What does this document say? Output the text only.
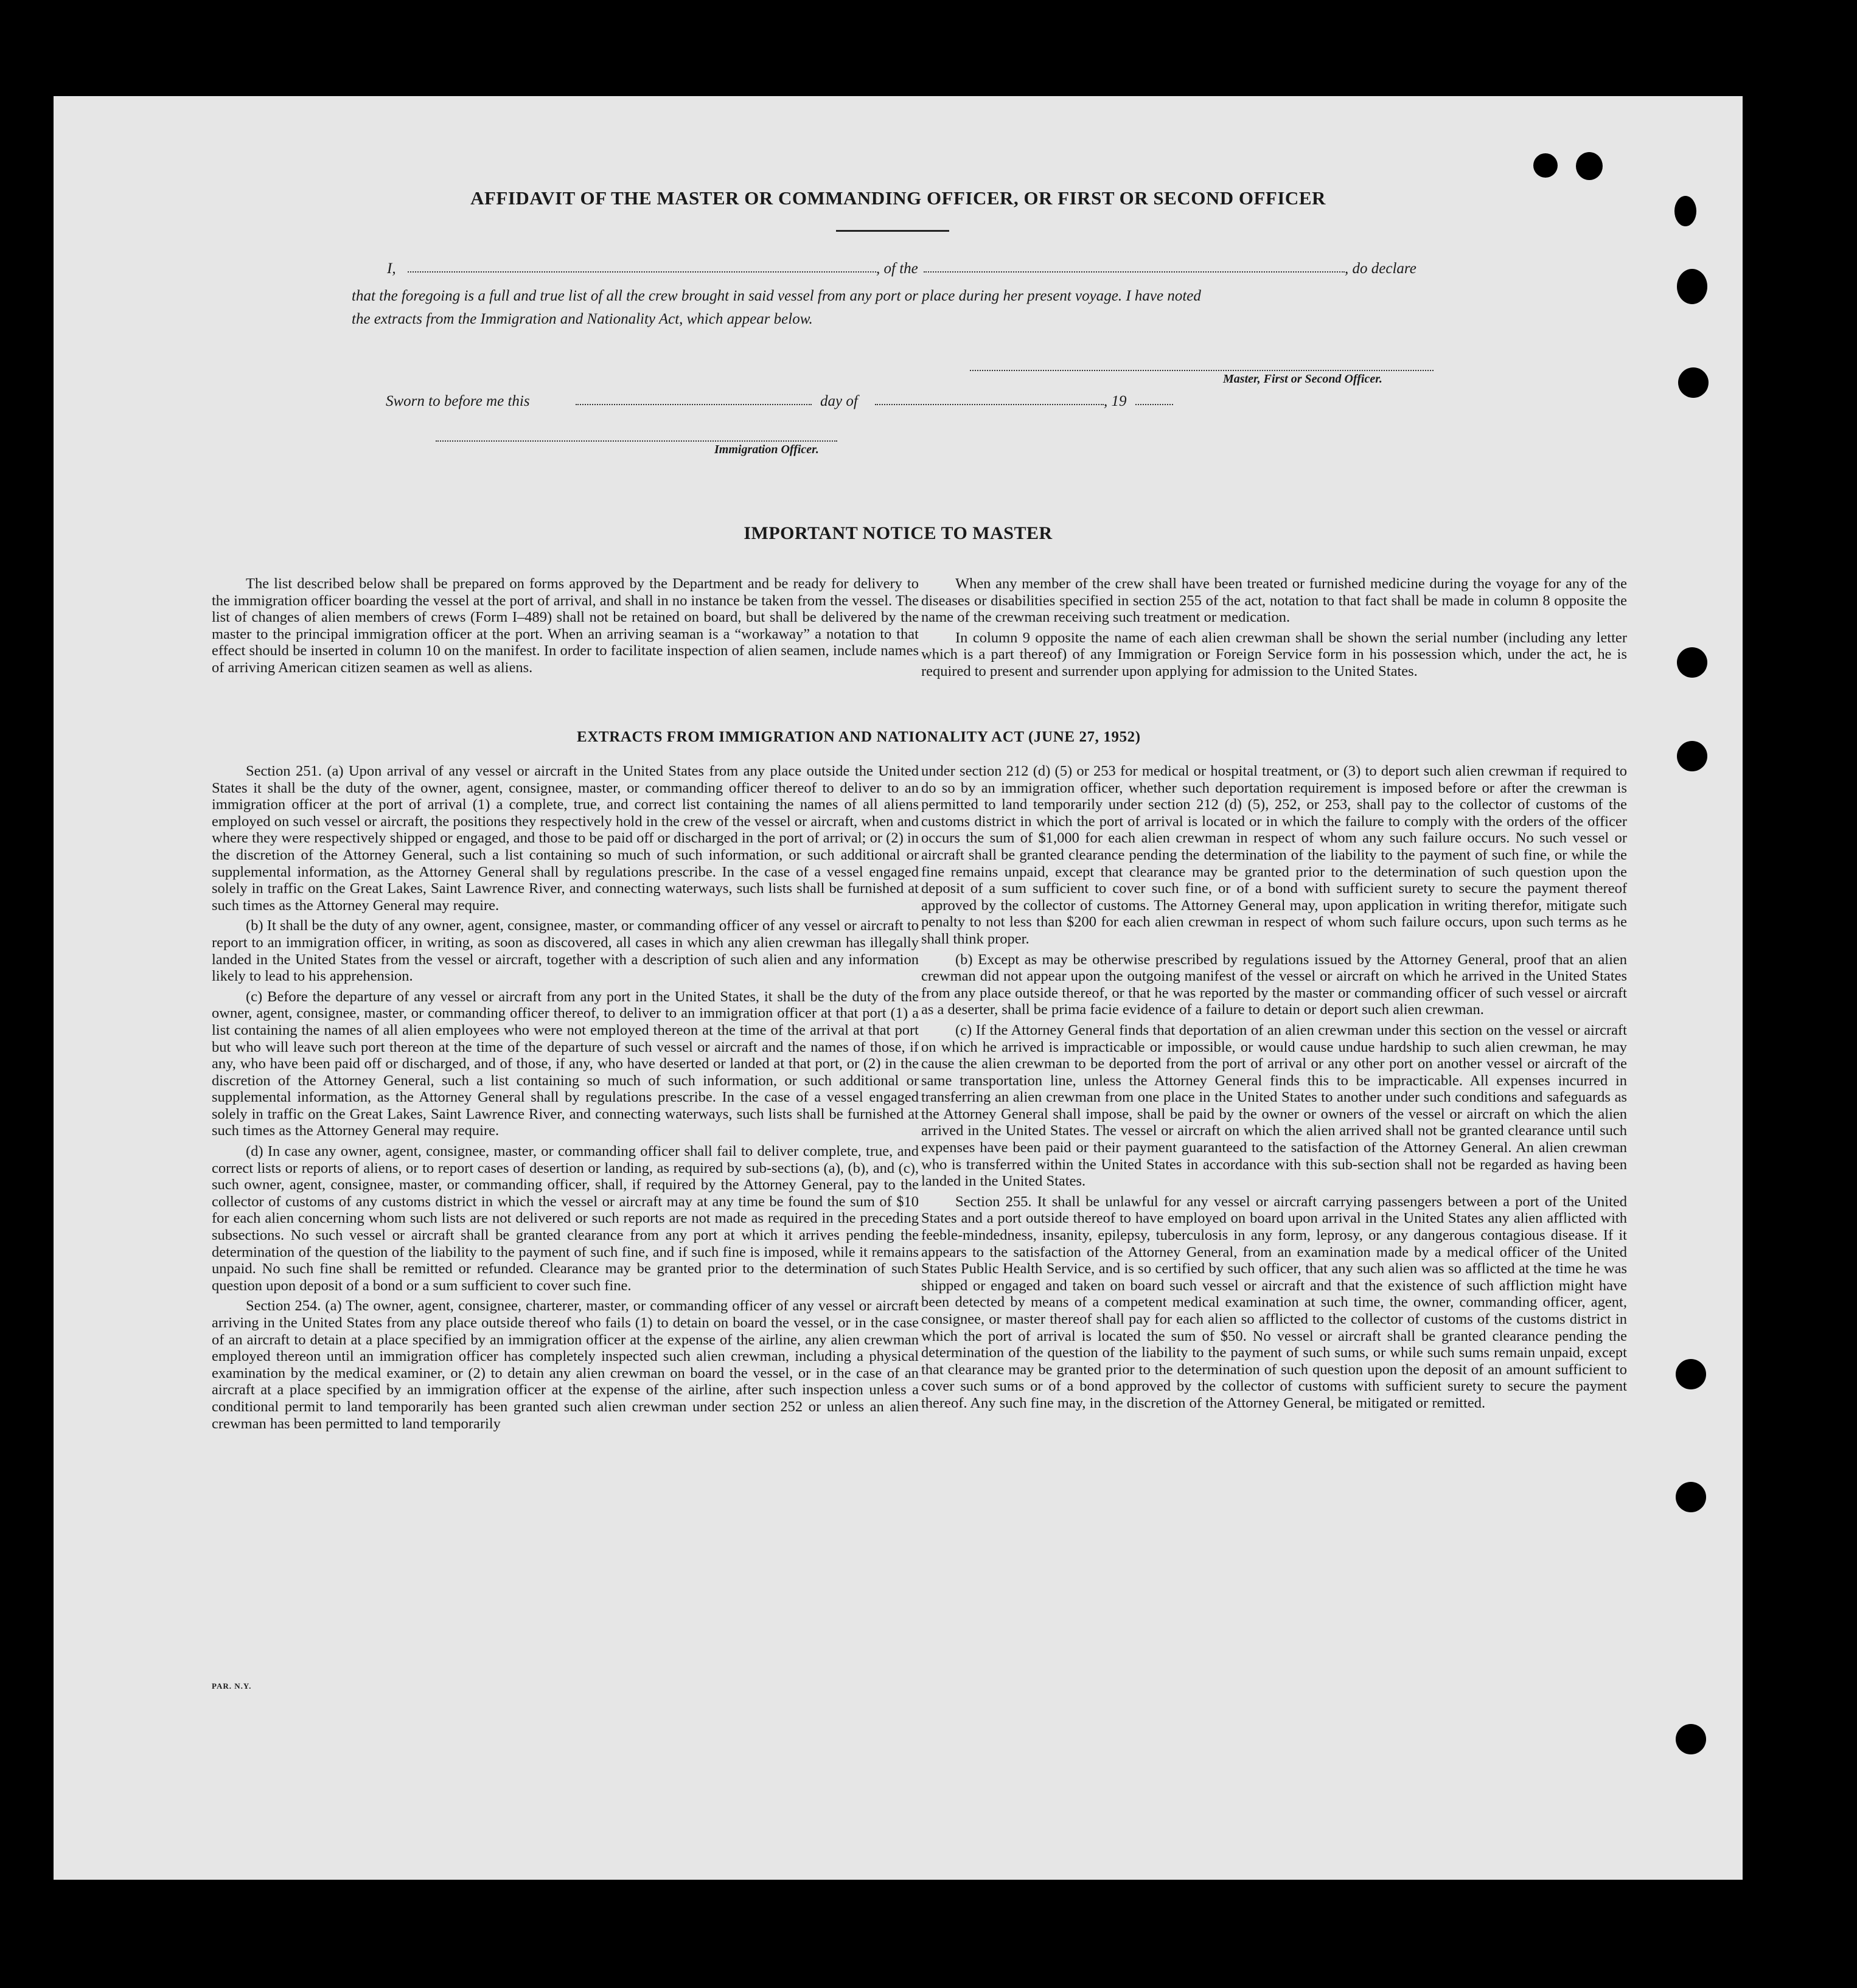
AFFIDAVIT OF THE MASTER OR COMMANDING OFFICER, OR FIRST OR SECOND OFFICER
I,	, of the	, do declare
that the foregoing is a full and true list of all the crew brought in said vessel from any port or place during her present voyage. I have noted
the extracts from the Immigration and Nationality Act, which appear below.
Master, First or Second Officer.
Sworn to before me this	day of	, 19
Immigration Officer.
IMPORTANT NOTICE TO MASTER

The list described below shall be prepared on forms approved by the Department and be ready for delivery to the immigration officer boarding the vessel at the port of arrival, and shall in no instance be taken from the vessel. The list of changes of alien members of crews (Form I–489) shall not be retained on board, but shall be delivered by the master to the principal immigration officer at the port. When an arriving seaman is a “workaway” a notation to that effect should be inserted in column 10 on the manifest. In order to facilitate inspection of alien seamen, include names of arriving American citizen seamen as well as aliens.

When any member of the crew shall have been treated or furnished medicine during the voyage for any of the diseases or disabilities specified in section 255 of the act, notation to that fact shall be made in column 8 opposite the name of the crewman receiving such treatment or medication.

In column 9 opposite the name of each alien crewman shall be shown the serial number (including any letter which is a part thereof) of any Immigration or Foreign Service form in his possession which, under the act, he is required to present and surrender upon applying for admission to the United States.

EXTRACTS FROM IMMIGRATION AND NATIONALITY ACT (JUNE 27, 1952)

Section 251. (a) Upon arrival of any vessel or aircraft in the United States from any place outside the United States it shall be the duty of the owner, agent, consignee, master, or commanding officer thereof to deliver to an immigration officer at the port of arrival (1) a complete, true, and correct list containing the names of all aliens employed on such vessel or aircraft, the positions they respectively hold in the crew of the vessel or aircraft, when and where they were respectively shipped or engaged, and those to be paid off or discharged in the port of arrival; or (2) in the discretion of the Attorney General, such a list containing so much of such information, or such additional or supplemental information, as the Attorney General shall by regulations prescribe. In the case of a vessel engaged solely in traffic on the Great Lakes, Saint Lawrence River, and connecting waterways, such lists shall be furnished at such times as the Attorney General may require.

(b) It shall be the duty of any owner, agent, consignee, master, or commanding officer of any vessel or aircraft to report to an immigration officer, in writing, as soon as discovered, all cases in which any alien crewman has illegally landed in the United States from the vessel or aircraft, together with a description of such alien and any information likely to lead to his apprehension.

(c) Before the departure of any vessel or aircraft from any port in the United States, it shall be the duty of the owner, agent, consignee, master, or commanding officer thereof, to deliver to an immigration officer at that port (1) a list containing the names of all alien employees who were not employed thereon at the time of the arrival at that port but who will leave such port thereon at the time of the departure of such vessel or aircraft and the names of those, if any, who have been paid off or discharged, and of those, if any, who have deserted or landed at that port, or (2) in the discretion of the Attorney General, such a list containing so much of such information, or such additional or supplemental information, as the Attorney General shall by regulations prescribe. In the case of a vessel engaged solely in traffic on the Great Lakes, Saint Lawrence River, and connecting waterways, such lists shall be furnished at such times as the Attorney General may require.

(d) In case any owner, agent, consignee, master, or commanding officer shall fail to deliver complete, true, and correct lists or reports of aliens, or to report cases of desertion or landing, as required by sub-sections (a), (b), and (c), such owner, agent, consignee, master, or commanding officer, shall, if required by the Attorney General, pay to the collector of customs of any customs district in which the vessel or aircraft may at any time be found the sum of $10 for each alien concerning whom such lists are not delivered or such reports are not made as required in the preceding subsections. No such vessel or aircraft shall be granted clearance from any port at which it arrives pending the determination of the question of the liability to the payment of such fine, and if such fine is imposed, while it remains unpaid. No such fine shall be remitted or refunded. Clearance may be granted prior to the determination of such question upon deposit of a bond or a sum sufficient to cover such fine.

Section 254. (a) The owner, agent, consignee, charterer, master, or commanding officer of any vessel or aircraft arriving in the United States from any place outside thereof who fails (1) to detain on board the vessel, or in the case of an aircraft to detain at a place specified by an immigration officer at the expense of the airline, any alien crewman employed thereon until an immigration officer has completely inspected such alien crewman, including a physical examination by the medical examiner, or (2) to detain any alien crewman on board the vessel, or in the case of an aircraft at a place specified by an immigration officer at the expense of the airline, after such inspection unless a conditional permit to land temporarily has been granted such alien crewman under section 252 or unless an alien crewman has been permitted to land temporarily

under section 212 (d) (5) or 253 for medical or hospital treatment, or (3) to deport such alien crewman if required to do so by an immigration officer, whether such deportation requirement is imposed before or after the crewman is permitted to land temporarily under section 212 (d) (5), 252, or 253, shall pay to the collector of customs of the customs district in which the port of arrival is located or in which the failure to comply with the orders of the officer occurs the sum of $1,000 for each alien crewman in respect of whom any such failure occurs. No such vessel or aircraft shall be granted clearance pending the determination of the liability to the payment of such fine, or while the fine remains unpaid, except that clearance may be granted prior to the determination of such question upon the deposit of a sum sufficient to cover such fine, or of a bond with sufficient surety to secure the payment thereof approved by the collector of customs. The Attorney General may, upon application in writing therefor, mitigate such penalty to not less than $200 for each alien crewman in respect of whom such failure occurs, upon such terms as he shall think proper.

(b) Except as may be otherwise prescribed by regulations issued by the Attorney General, proof that an alien crewman did not appear upon the outgoing manifest of the vessel or aircraft on which he arrived in the United States from any place outside thereof, or that he was reported by the master or commanding officer of such vessel or aircraft as a deserter, shall be prima facie evidence of a failure to detain or deport such alien crewman.

(c) If the Attorney General finds that deportation of an alien crewman under this section on the vessel or aircraft on which he arrived is impracticable or impossible, or would cause undue hardship to such alien crewman, he may cause the alien crewman to be deported from the port of arrival or any other port on another vessel or aircraft of the same transportation line, unless the Attorney General finds this to be impracticable. All expenses incurred in transferring an alien crewman from one place in the United States to another under such conditions and safeguards as the Attorney General shall impose, shall be paid by the owner or owners of the vessel or aircraft on which the alien arrived in the United States. The vessel or aircraft on which the alien arrived shall not be granted clearance until such expenses have been paid or their payment guaranteed to the satisfaction of the Attorney General. An alien crewman who is transferred within the United States in accordance with this sub-section shall not be regarded as having been landed in the United States.

Section 255. It shall be unlawful for any vessel or aircraft carrying passengers between a port of the United States and a port outside thereof to have employed on board upon arrival in the United States any alien afflicted with feeble-mindedness, insanity, epilepsy, tuberculosis in any form, leprosy, or any dangerous contagious disease. If it appears to the satisfaction of the Attorney General, from an examination made by a medical officer of the United States Public Health Service, and is so certified by such officer, that any such alien was so afflicted at the time he was shipped or engaged and taken on board such vessel or aircraft and that the existence of such affliction might have been detected by means of a competent medical examination at such time, the owner, commanding officer, agent, consignee, or master thereof shall pay for each alien so afflicted to the collector of customs of the customs district in which the port of arrival is located the sum of $50. No vessel or aircraft shall be granted clearance pending the determination of the question of the liability to the payment of such sums, or while such sums remain unpaid, except that clearance may be granted prior to the determination of such question upon the deposit of an amount sufficient to cover such sums or of a bond approved by the collector of customs with sufficient surety to secure the payment thereof. Any such fine may, in the discretion of the Attorney General, be mitigated or remitted.

PAR. N.Y.
